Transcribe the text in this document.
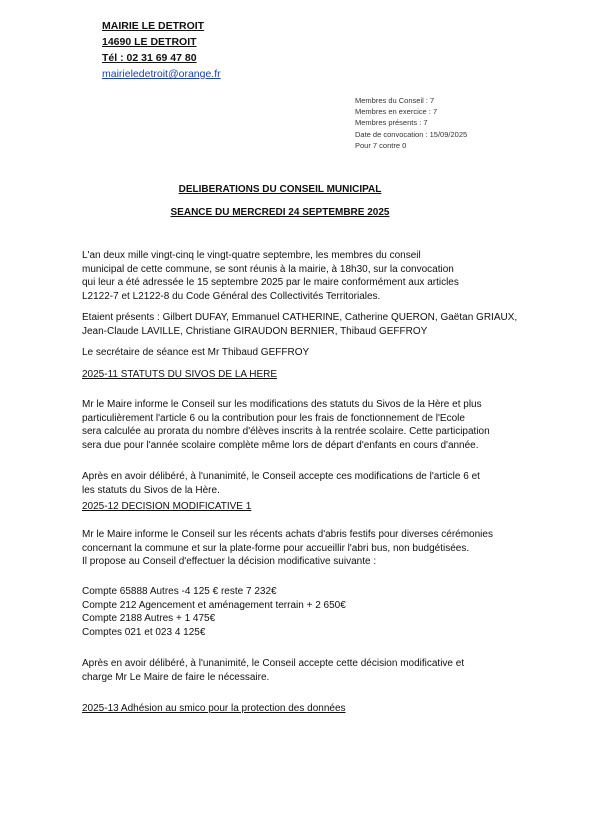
MAIRIE LE DETROIT
14690 LE DETROIT
Tél : 02 31 69 47 80
mairieledetroit@orange.fr
Membres du Conseil : 7
Membres en exercice : 7
Membres présents : 7
Date de convocation : 15/09/2025
Pour 7 contre 0
DELIBERATIONS DU CONSEIL MUNICIPAL
SEANCE DU MERCREDI 24 SEPTEMBRE 2025

L'an deux mille vingt-cinq le vingt-quatre septembre, les membres du conseil

municipal de cette commune, se sont réunis à la mairie, à 18h30, sur la convocation

qui leur a été adressée le 15 septembre 2025 par le maire conformément aux articles

L2122-7 et L2122-8 du Code Général des Collectivités Territoriales.

Etaient présents : Gilbert DUFAY, Emmanuel CATHERINE, Catherine QUERON, Gaëtan GRIAUX,

Jean-Claude LAVILLE, Christiane GIRAUDON BERNIER, Thibaud GEFFROY

Le secrétaire de séance est Mr Thibaud GEFFROY

2025-11 STATUTS DU SIVOS DE LA HERE

Mr le Maire informe le Conseil sur les modifications des statuts du Sivos de la Hère et plus

particulièrement l'article 6 ou la contribution pour les frais de fonctionnement de l'Ecole

sera calculée au prorata du nombre d'élèves inscrits à la rentrée scolaire. Cette participation

sera due pour l'année scolaire complète même lors de départ d'enfants en cours d'année.

Après en avoir délibéré, à l'unanimité, le Conseil accepte ces modifications de l'article 6 et

les statuts du Sivos de la Hère.

2025-12 DECISION MODIFICATIVE 1

Mr le Maire informe le Conseil sur les récents achats d'abris festifs pour diverses cérémonies

concernant la commune et sur la plate-forme pour accueillir l'abri bus, non budgétisées.

Il propose au Conseil d'effectuer la décision modificative suivante :

Compte 65888 Autres -4 125 € reste 7 232€

Compte 212 Agencement et aménagement terrain + 2 650€

Compte 2188 Autres + 1 475€

Comptes 021 et 023 4 125€

Après en avoir délibéré, à l'unanimité, le Conseil accepte cette décision modificative et

charge Mr Le Maire de faire le nécessaire.

2025-13 Adhésion au smico pour la protection des données
